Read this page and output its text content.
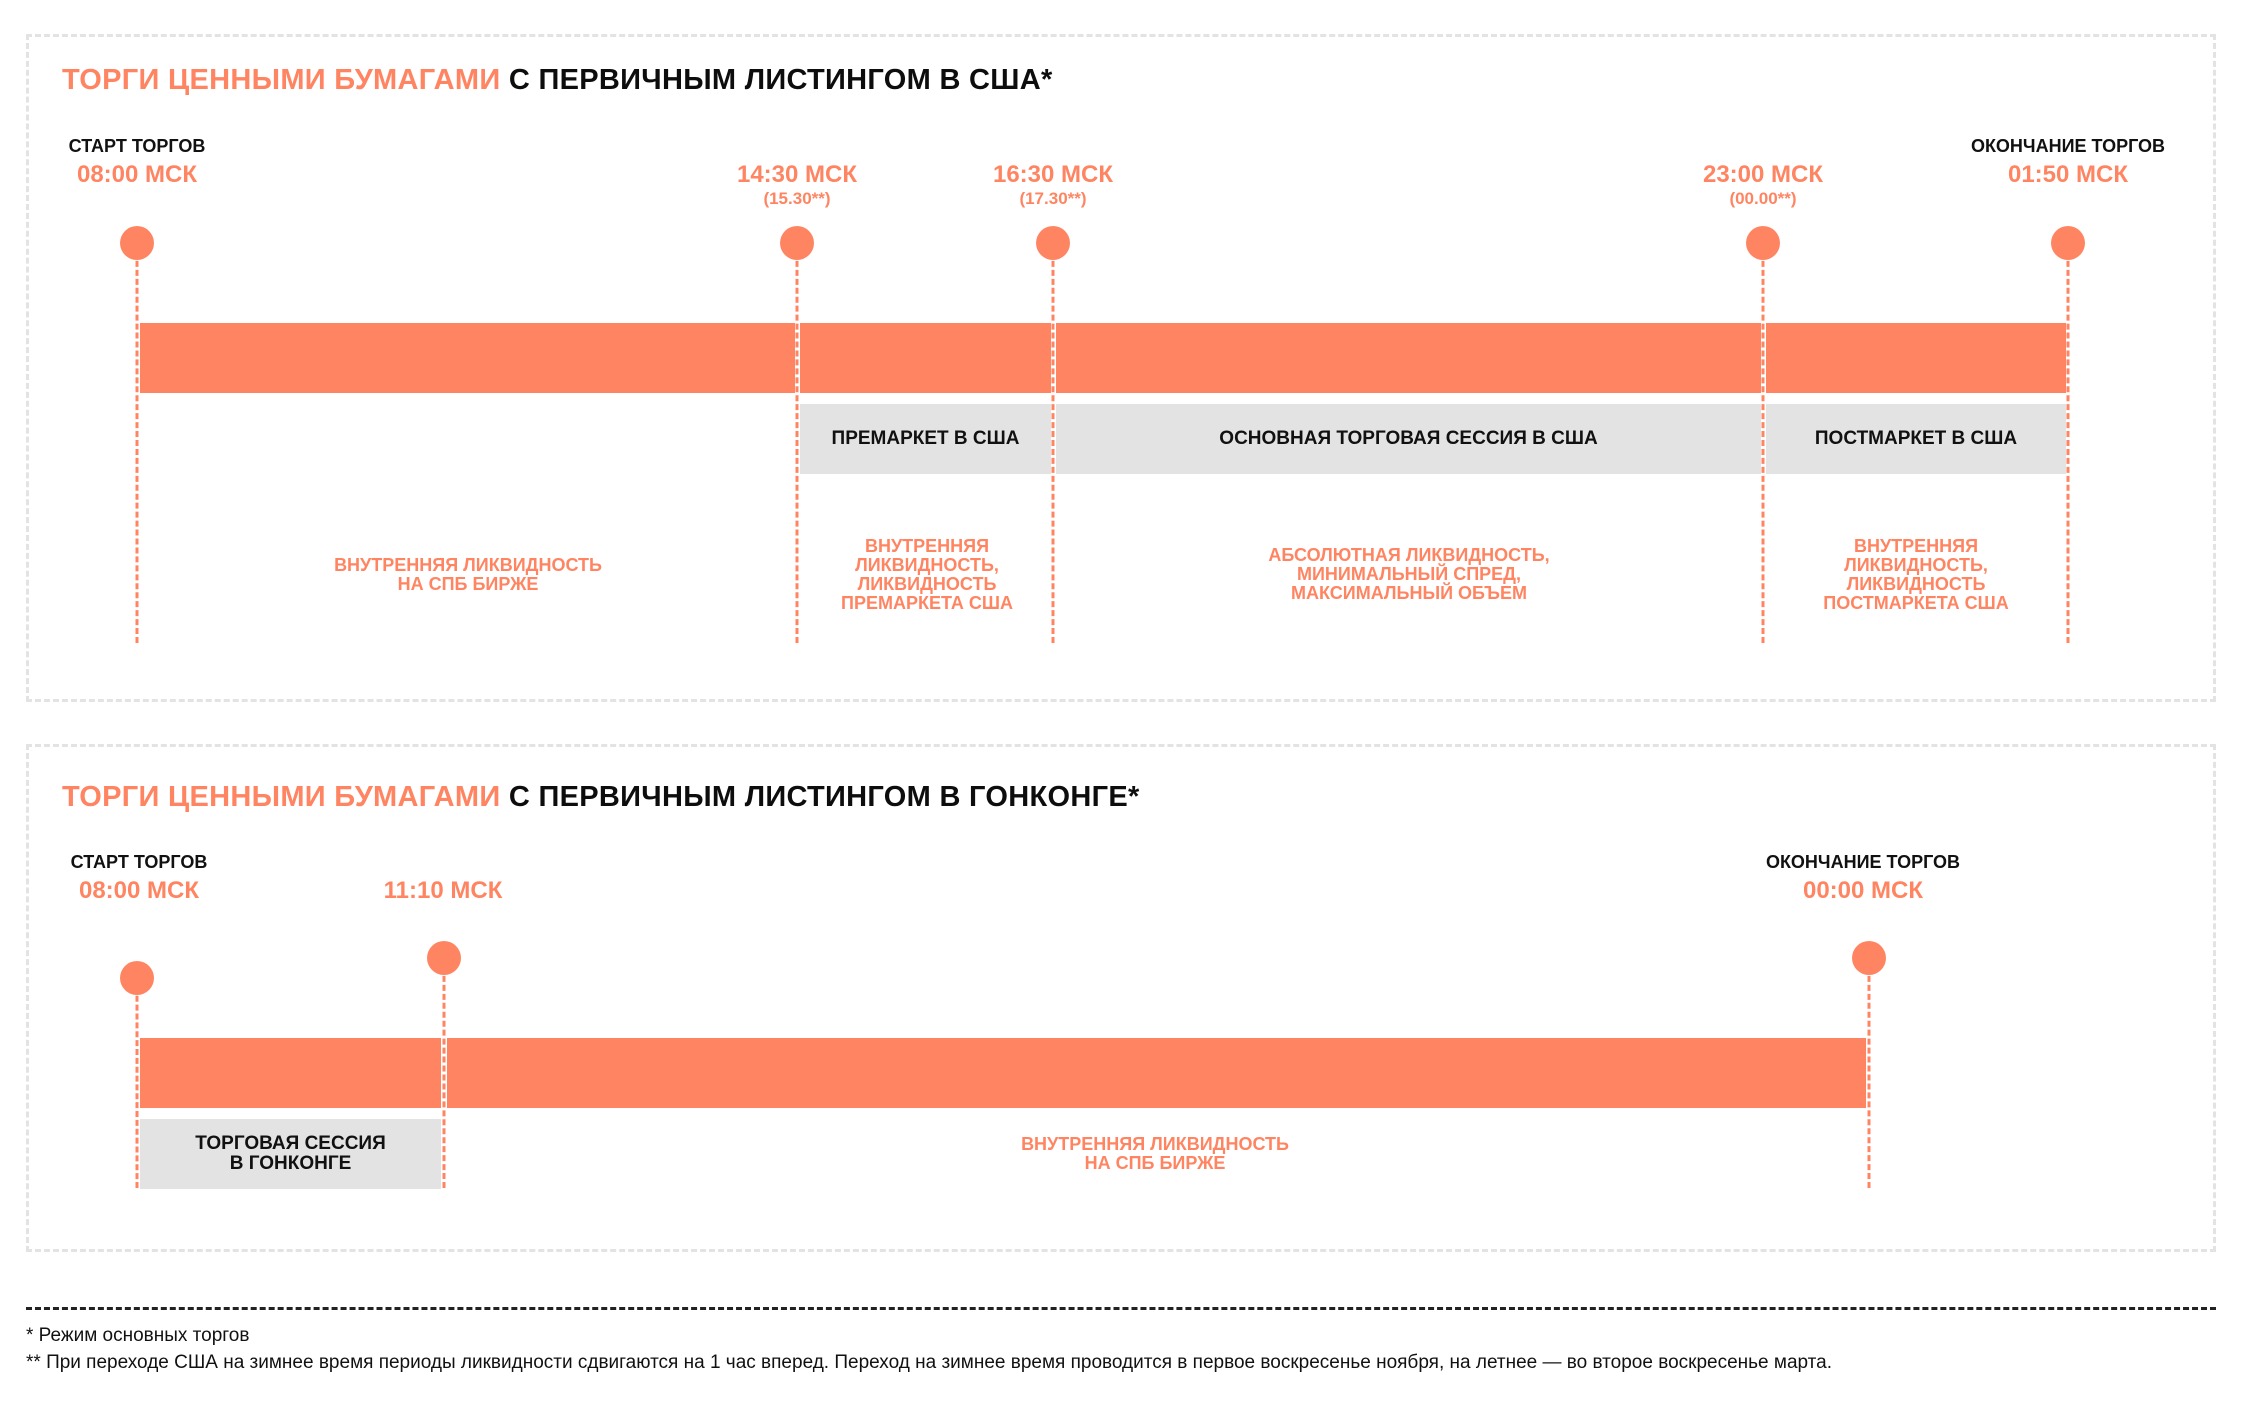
ТОРГИ ЦЕННЫМИ БУМАГАМИ С ПЕРВИЧНЫМ ЛИСТИНГОМ В США*
СТАРТ ТОРГОВ
08:00 МСК	14:30 МСК
(15.30**)
16:30 МСК
(17.30**)
23:00 МСК
(00.00**)
ОКОНЧАНИЕ ТОРГОВ
01:50 МСК
ПРЕМАРКЕТ В США	ОСНОВНАЯ ТОРГОВАЯ СЕССИЯ В США	ПОСТМАРКЕТ В США
ВНУТРЕННЯЯ ЛИКВИДНОСТЬ
НА СПБ БИРЖЕ
ВНУТРЕННЯЯ
ЛИКВИДНОСТЬ,
ЛИКВИДНОСТЬ
ПРЕМАРКЕТА США
АБСОЛЮТНАЯ ЛИКВИДНОСТЬ,
МИНИМАЛЬНЫЙ СПРЕД,
МАКСИМАЛЬНЫЙ ОБЪЕМ
ВНУТРЕННЯЯ
ЛИКВИДНОСТЬ,
ЛИКВИДНОСТЬ
ПОСТМАРКЕТА США
ТОРГИ ЦЕННЫМИ БУМАГАМИ С ПЕРВИЧНЫМ ЛИСТИНГОМ В ГОНКОНГЕ*
СТАРТ ТОРГОВ
08:00 МСК	11:10 МСК
ОКОНЧАНИЕ ТОРГОВ
00:00 МСК
ТОРГОВАЯ СЕССИЯ
В ГОНКОНГЕ
ВНУТРЕННЯЯ ЛИКВИДНОСТЬ
НА СПБ БИРЖЕ
* Режим основных торгов
** При переходе США на зимнее время периоды ликвидности сдвигаются на 1 час вперед. Переход на зимнее время проводится в первое воскресенье ноября, на летнее — во второе воскресенье марта.
